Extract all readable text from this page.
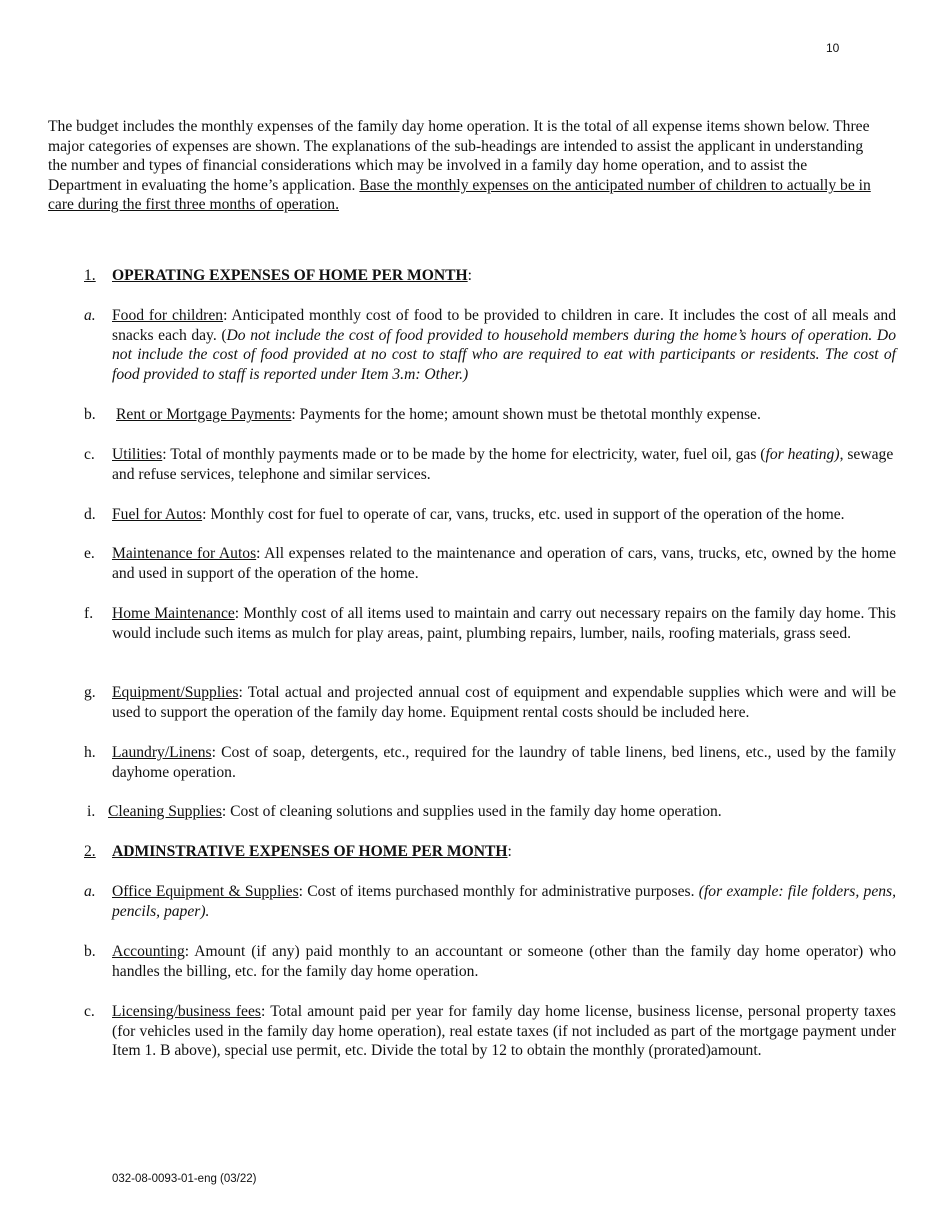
10

The budget includes the monthly expenses of the family day home operation. It is the total of all expense items shown below. Three major categories of expenses are shown. The explanations of the sub-headings are intended to assist the applicant in understanding the number and types of financial considerations which may be involved in a family day home operation, and to assist the Department in evaluating the home’s application. Base the monthly expenses on the anticipated number of children to actually be in care during the first three months of operation.

1. OPERATING EXPENSES OF HOME PER MONTH:
a. Food for children: Anticipated monthly cost of food to be provided to children in care. It includes the cost of all meals and snacks each day. (Do not include the cost of food provided to household members during the home’s hours of operation. Do not include the cost of food provided at no cost to staff who are required to eat with participants or residents. The cost of food provided to staff is reported under Item 3.m: Other.)
b. Rent or Mortgage Payments: Payments for the home; amount shown must be thetotal monthly expense.
c. Utilities: Total of monthly payments made or to be made by the home for electricity, water, fuel oil, gas (for heating), sewage and refuse services, telephone and similar services.
d. Fuel for Autos: Monthly cost for fuel to operate of car, vans, trucks, etc. used in support of the operation of the home.
e. Maintenance for Autos: All expenses related to the maintenance and operation of cars, vans, trucks, etc, owned by the home and used in support of the operation of the home.
f. Home Maintenance: Monthly cost of all items used to maintain and carry out necessary repairs on the family day home. This would include such items as mulch for play areas, paint, plumbing repairs, lumber, nails, roofing materials, grass seed.
g. Equipment/Supplies: Total actual and projected annual cost of equipment and expendable supplies which were and will be used to support the operation of the family day home. Equipment rental costs should be included here.
h. Laundry/Linens: Cost of soap, detergents, etc., required for the laundry of table linens, bed linens, etc., used by the family dayhome operation.
i. Cleaning Supplies: Cost of cleaning solutions and supplies used in the family day home operation.
2. ADMINSTRATIVE EXPENSES OF HOME PER MONTH:
a. Office Equipment & Supplies: Cost of items purchased monthly for administrative purposes. (for example: file folders, pens, pencils, paper).
b. Accounting: Amount (if any) paid monthly to an accountant or someone (other than the family day home operator) who handles the billing, etc. for the family day home operation.
c. Licensing/business fees: Total amount paid per year for family day home license, business license, personal property taxes (for vehicles used in the family day home operation), real estate taxes (if not included as part of the mortgage payment under Item 1. B above), special use permit, etc. Divide the total by 12 to obtain the monthly (prorated)amount.
032-08-0093-01-eng (03/22)
